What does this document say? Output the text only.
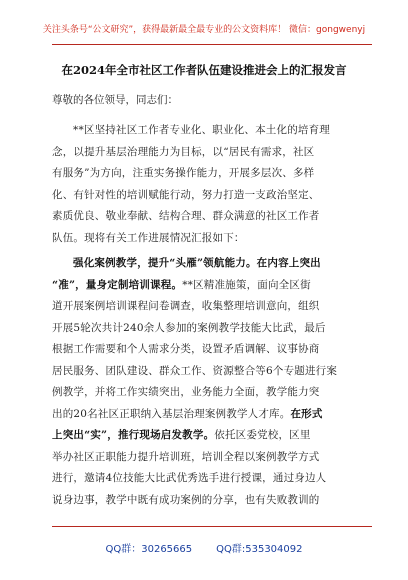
关注头条号“公文研究”，获得最新最全最专业的公文资料库！ 微信：gongwenyj
在2024年全市社区工作者队伍建设推进会上的汇报发言
尊敬的各位领导，同志们：
**区坚持社区工作者专业化、职业化、本土化的培育理
念，以提升基层治理能力为目标，以“居民有需求，社区
有服务”为方向，注重实务操作能力，开展多层次、多样
化、有针对性的培训赋能行动，努力打造一支政治坚定、
素质优良、敬业奉献、结构合理、群众满意的社区工作者
队伍。现将有关工作进展情况汇报如下：
强化案例教学，提升“头雁”领航能力。在内容上突出
“准”，量身定制培训课程。**区精准施策，面向全区街
道开展案例培训课程问卷调查，收集整理培训意向，组织
开展5轮次共计240余人参加的案例教学技能大比武，最后
根据工作需要和个人需求分类，设置矛盾调解、议事协商
居民服务、团队建设、群众工作、资源整合等6个专题进行案
例教学，并将工作实绩突出，业务能力全面，教学能力突
出的20名社区正职纳入基层治理案例教学人才库。在形式
上突出“实”，推行现场启发教学。依托区委党校，区里
举办社区正职能力提升培训班，培训全程以案例教学方式
进行，邀请4位技能大比武优秀选手进行授课，通过身边人
说身边事，教学中既有成功案例的分享，也有失败教训的
QQ群：30265665 QQ群:535304092
